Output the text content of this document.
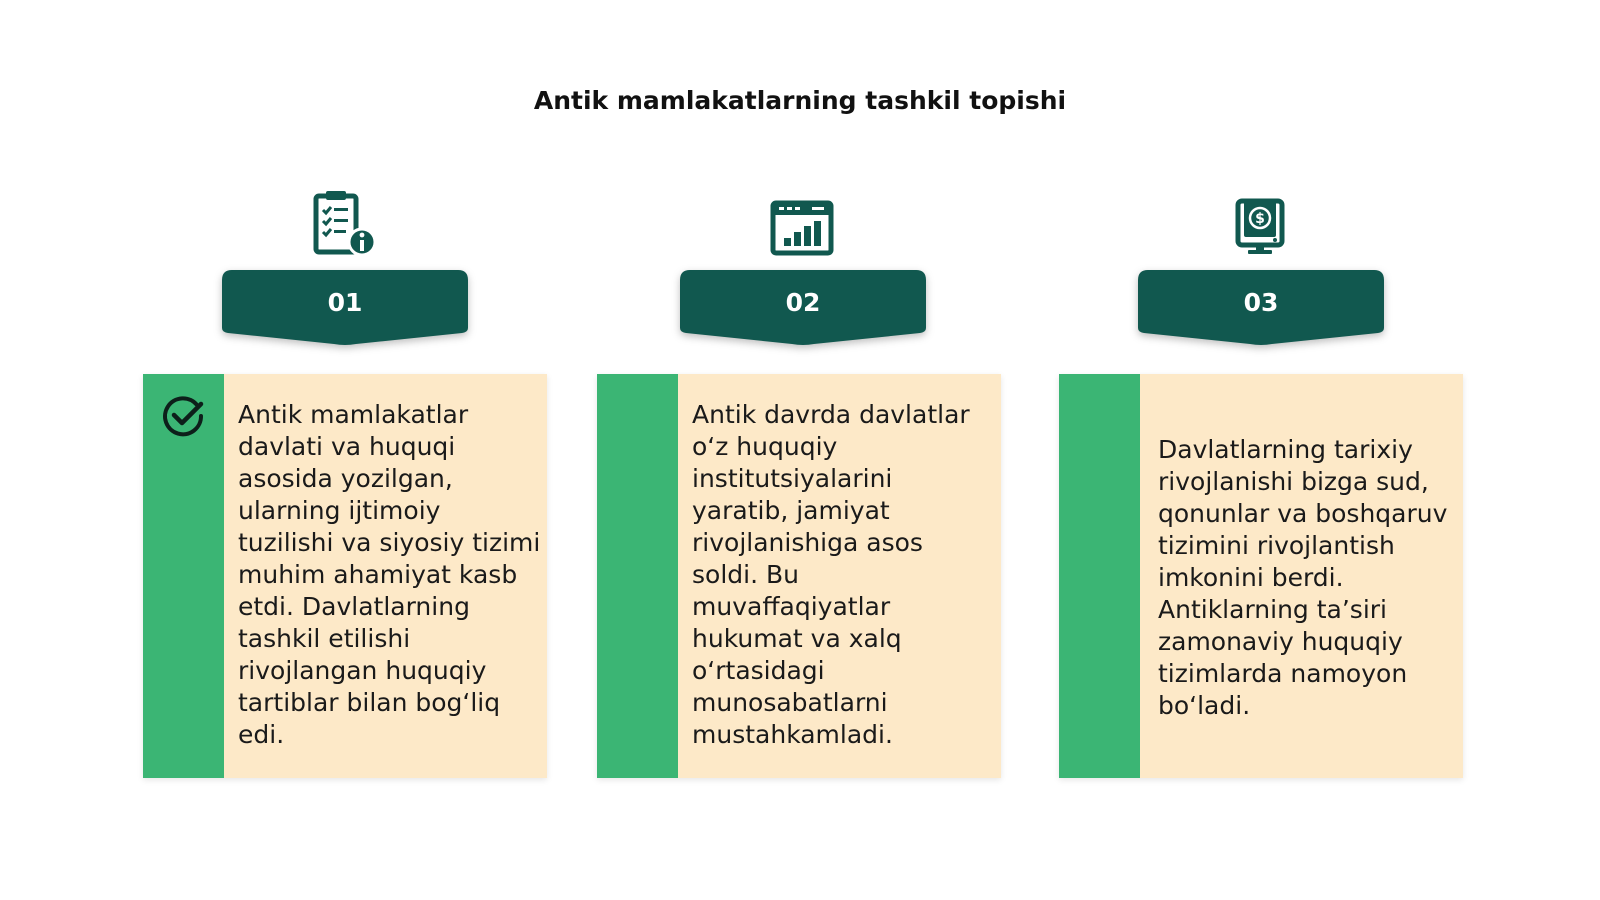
Antik mamlakatlarning tashkil topishi
01
Antik mamlakatlar davlati va huquqi asosida yozilgan, ularning ijtimoiy tuzilishi va siyosiy tizimi muhim ahamiyat kasb etdi. Davlatlarning tashkil etilishi rivojlangan huquqiy tartiblar bilan bog‘liq edi.
02
Antik davrda davlatlar o‘z huquqiy institutsiyalarini yaratib, jamiyat rivojlanishiga asos soldi. Bu muvaffaqiyatlar hukumat va xalq o‘rtasidagi munosabatlarni mustahkamladi.
$
03
Davlatlarning tarixiy rivojlanishi bizga sud, qonunlar va boshqaruv tizimini rivojlantish imkonini berdi. Antiklarning ta’siri zamonaviy huquqiy tizimlarda namoyon bo‘ladi.
